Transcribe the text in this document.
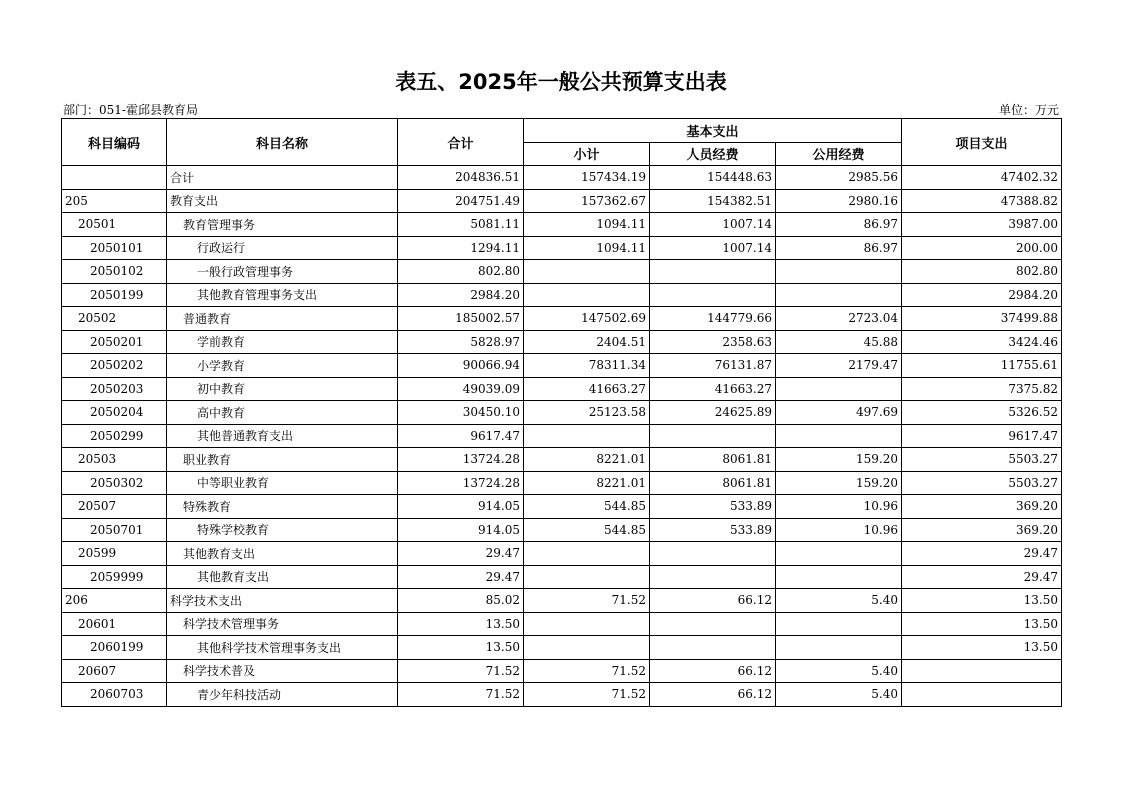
表五、2025年一般公共预算支出表
部门：051-霍邱县教育局	单位：万元
科目编码	科目名称	合计	基本支出			项目支出
			小计	人员经费	公用经费	
	合计	204836.51	157434.19	154448.63	2985.56	47402.32
205	教育支出	204751.49	157362.67	154382.51	2980.16	47388.82
20501	教育管理事务	5081.11	1094.11	1007.14	86.97	3987.00
2050101	行政运行	1294.11	1094.11	1007.14	86.97	200.00
2050102	一般行政管理事务	802.80				802.80
2050199	其他教育管理事务支出	2984.20				2984.20
20502	普通教育	185002.57	147502.69	144779.66	2723.04	37499.88
2050201	学前教育	5828.97	2404.51	2358.63	45.88	3424.46
2050202	小学教育	90066.94	78311.34	76131.87	2179.47	11755.61
2050203	初中教育	49039.09	41663.27	41663.27		7375.82
2050204	高中教育	30450.10	25123.58	24625.89	497.69	5326.52
2050299	其他普通教育支出	9617.47				9617.47
20503	职业教育	13724.28	8221.01	8061.81	159.20	5503.27
2050302	中等职业教育	13724.28	8221.01	8061.81	159.20	5503.27
20507	特殊教育	914.05	544.85	533.89	10.96	369.20
2050701	特殊学校教育	914.05	544.85	533.89	10.96	369.20
20599	其他教育支出	29.47				29.47
2059999	其他教育支出	29.47				29.47
206	科学技术支出	85.02	71.52	66.12	5.40	13.50
20601	科学技术管理事务	13.50				13.50
2060199	其他科学技术管理事务支出	13.50				13.50
20607	科学技术普及	71.52	71.52	66.12	5.40	
2060703	青少年科技活动	71.52	71.52	66.12	5.40	
